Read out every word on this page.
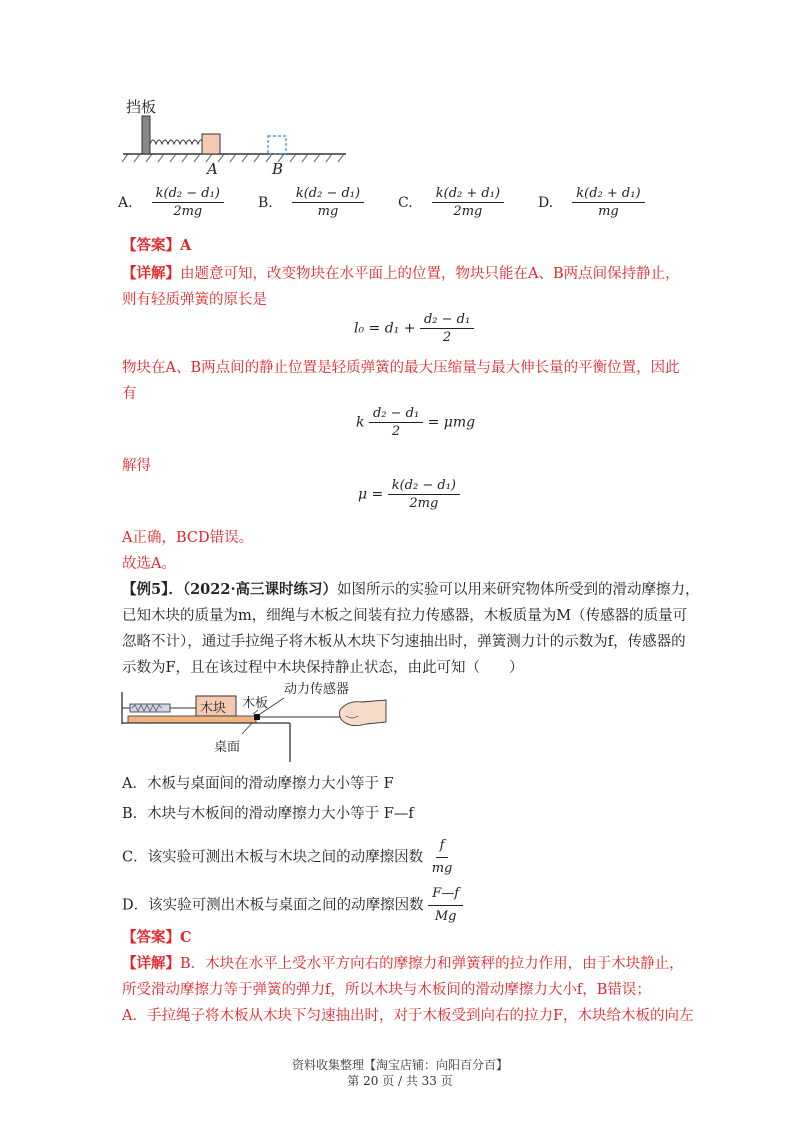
挡板
A	B
A. $\frac{\text{k(d₂ − d₁)}}{2mg} B$. $\frac{\text{k(d₂ − d₁)}}{mg} C$. $\frac{\text{k(d₂ + d₁)}}{2mg} D$. $\frac{\text{k(d₂ + d₁)}}{mg}$
【答案】A
【详解】由题意可知，改变物块在水平面上的位置，物块只能在A、B两点间保持静止，
则有轻质弹簧的原长是
$l_0 = d_1 + \frac{\text{d₂ − d₁}}{2}$
物块在A、B两点间的静止位置是轻质弹簧的最大压缩量与最大伸长量的平衡位置，因此
有
k $\frac{\text{d₂ − d₁}}{2} = \mu mg$
解得
$\mu = \frac{\text{k(d₂ − d₁)}}{2mg}$
A正确，BCD错误。
故选A。
【例5】．（2022·高三课时练习）如图所示的实验可以用来研究物体所受到的滑动摩擦力，
已知木块的质量为m，细绳与木板之间装有拉力传感器，木板质量为M（传感器的质量可
忽略不计），通过手拉绳子将木板从木块下匀速抽出时，弹簧测力计的示数为f，传感器的
示数为F，且在该过程中木块保持静止状态，由此可知（　　）
木块 木板
动力传感器
桌面
A．木板与桌面间的滑动摩擦力大小等于 F
B．木块与木板间的滑动摩擦力大小等于 F—f
C．该实验可测出木板与木块之间的动摩擦因数 $\frac{f}{mg}$
D．该实验可测出木板与桌面之间的动摩擦因数 $\frac{F—f}{Mg}$
【答案】C
【详解】B．木块在水平上受水平方向右的摩擦力和弹簧秤的拉力作用，由于木块静止，
所受滑动摩擦力等于弹簧的弹力f，所以木块与木板间的滑动摩擦力大小f，B错误；
A．手拉绳子将木板从木块下匀速抽出时，对于木板受到向右的拉力F，木块给木板的向左
资料收集整理【淘宝店铺：向阳百分百】
第 20 页 / 共 33 页
